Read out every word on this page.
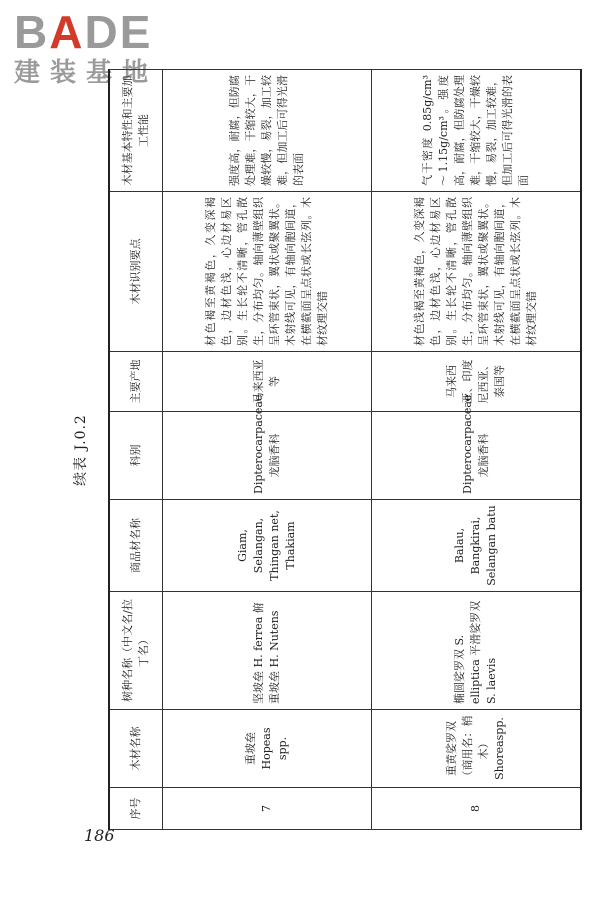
BADE
建装基地
续表 J.0.2
序号	木材名称	树种名称（中文名/拉丁名）	商品材名称	科别	主要产地	木材识别要点	木材基本特性和主要加工性能
7	重坡垒 Hopeas spp.	坚坡垒 H. ferrea 俯重坡垒 H. Nutens	Giam, Selangan, Thingan net, Thakiam	Dipterocarpaceae 龙脑香科	马来西亚等	材色褐至黄褐色，久变深褐色，边材色浅，心边材易区别。生长轮不清晰，管孔散生，分布均匀。轴向薄壁组织呈环管束状，翼状或聚翼状。木射线可见，有轴向胞间道，在横截面呈点状或长弦列。木材纹理交错	强度高，耐腐，但防腐处理难，干缩较大，干燥较慢，易裂，加工较难，但加工后可得光滑的表面
8	重黄娑罗双（商用名：梢木）Shoreaspp.	椭圆娑罗双 S. elliptica 平滑娑罗双 S. laevis	Balau, Bangkirai, Selangan batu	Dipterocarpaceae 龙脑香科	马来西亚、印度尼西亚、泰国等	材色浅褐至黄褐色，久变深褐色，边材色浅，心边材易区别。生长轮不清晰，管孔散生，分布均匀。轴向薄壁组织呈环管束状，翼状或聚翼状。木射线可见，有轴向胞间道，在横截面呈点状或长弦列。木材纹理交错	气干密度 0.85g/cm³～1.15g/cm³。强度高，耐腐，但防腐处理难，干缩较大，干燥较慢，易裂，加工较难，但加工后可得光滑的表面
186
